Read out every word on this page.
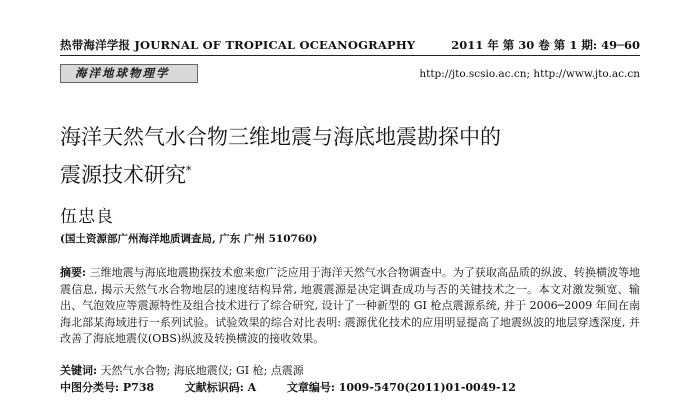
热带海洋学报 JOURNAL OF TROPICAL OCEANOGRAPHY	2011 年 第 30 卷 第 1 期: 49─60
海洋地球物理学	http://jto.scsio.ac.cn; http://www.jto.ac.cn
海洋天然气水合物三维地震与海底地震勘探中的
震源技术研究*
伍忠良
(国土资源部广州海洋地质调查局, 广东 广州 510760)

摘要: 三维地震与海底地震勘探技术愈来愈广泛应用于海洋天然气水合物调查中。为了获取高品质的纵波、转换横波等地震信息, 揭示天然气水合物地层的速度结构异常, 地震震源是决定调查成功与否的关键技术之一。本文对激发频宽、输出、气泡效应等震源特性及组合技术进行了综合研究, 设计了一种新型的 GI 枪点震源系统, 并于 2006─2009 年间在南海北部某海域进行一系列试验。试验效果的综合对比表明: 震源优化技术的应用明显提高了地震纵波的地层穿透深度, 并改善了海底地震仪(OBS)纵波及转换横波的接收效果。

关键词: 天然气水合物; 海底地震仪; GI 枪; 点震源
中图分类号: P738        文献标识码: A        文章编号: 1009-5470(2011)01-0049-12
